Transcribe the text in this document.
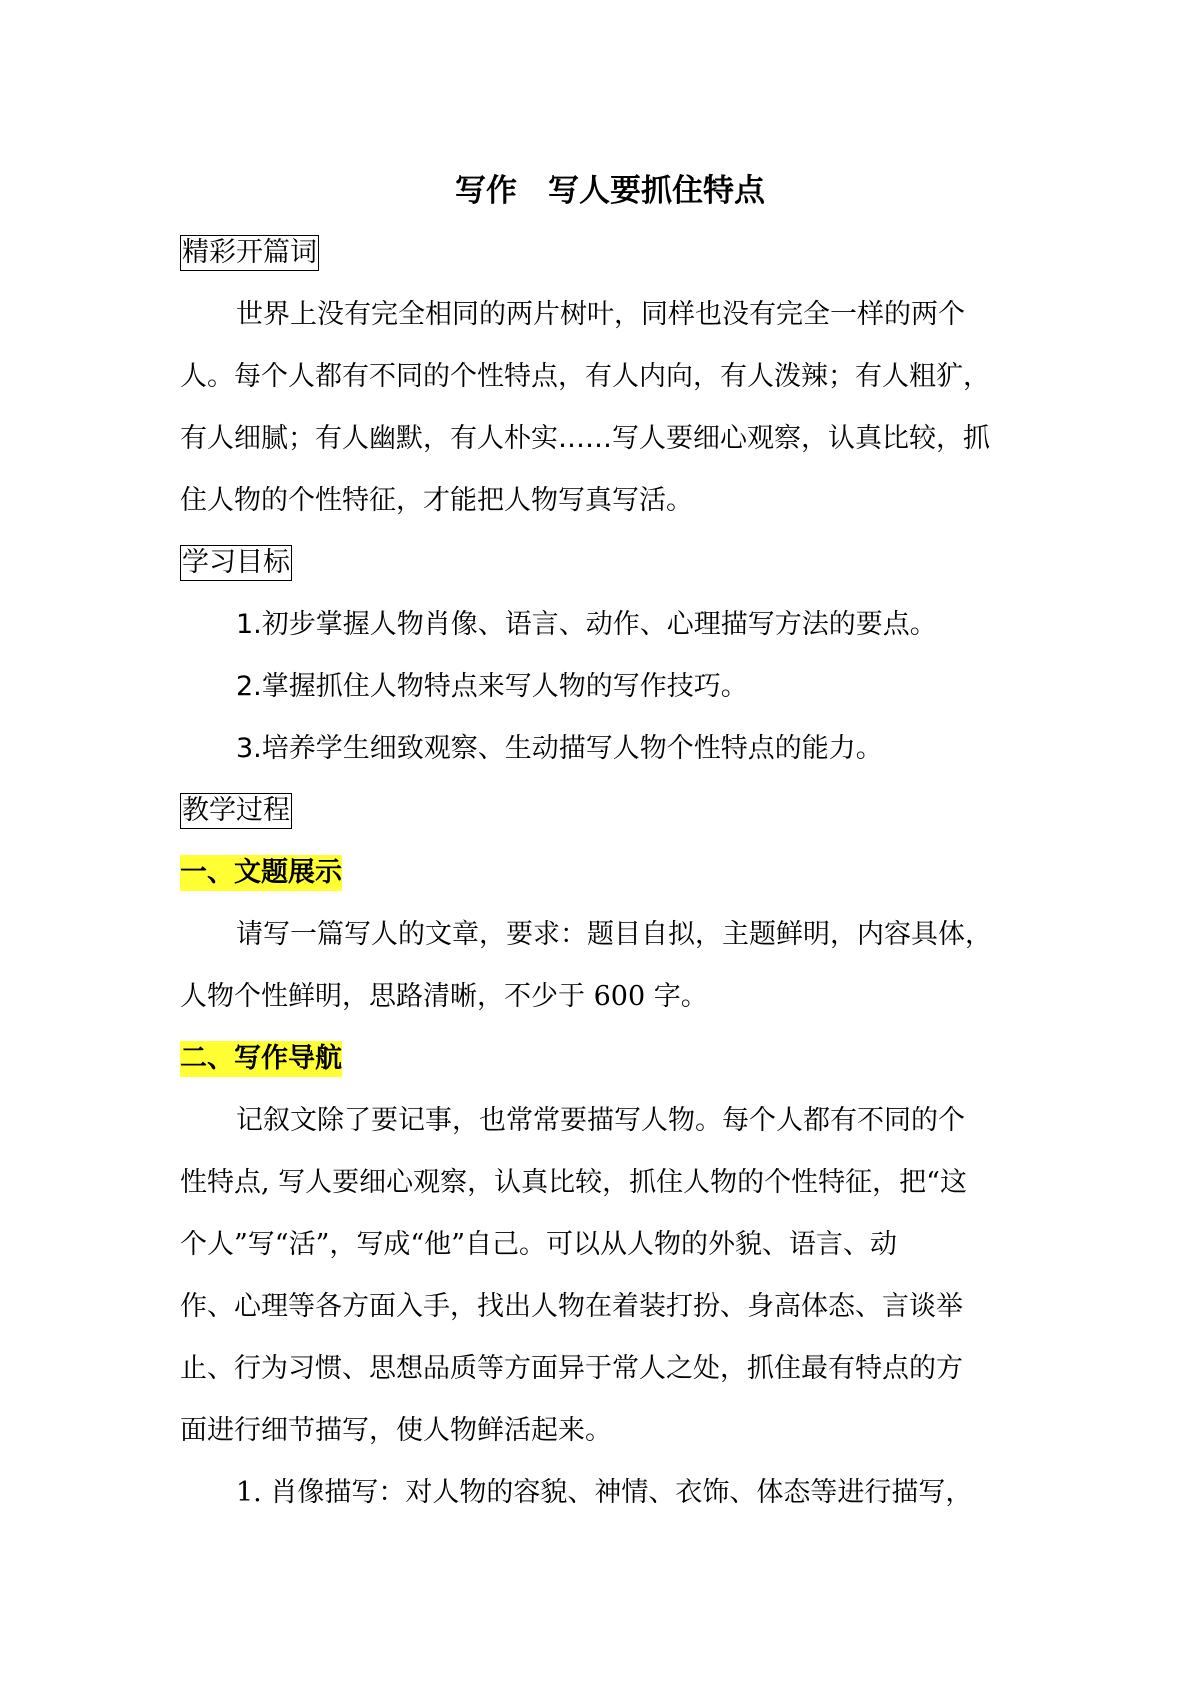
写作　写人要抓住特点
精彩开篇词
世界上没有完全相同的两片树叶，同样也没有完全一样的两个
人。每个人都有不同的个性特点，有人内向，有人泼辣；有人粗犷，
有人细腻；有人幽默，有人朴实……写人要细心观察，认真比较，抓
住人物的个性特征，才能把人物写真写活。
学习目标
1.初步掌握人物肖像、语言、动作、心理描写方法的要点。
2.掌握抓住人物特点来写人物的写作技巧。
3.培养学生细致观察、生动描写人物个性特点的能力。
教学过程
一、文题展示
请写一篇写人的文章，要求：题目自拟，主题鲜明，内容具体，
人物个性鲜明，思路清晰，不少于 600 字。
二、写作导航
记叙文除了要记事，也常常要描写人物。每个人都有不同的个
性特点, 写人要细心观察，认真比较，抓住人物的个性特征，把“这
个人”写“活”，写成“他”自己。可以从人物的外貌、语言、动
作、心理等各方面入手，找出人物在着装打扮、身高体态、言谈举
止、行为习惯、思想品质等方面异于常人之处，抓住最有特点的方
面进行细节描写，使人物鲜活起来。
1. 肖像描写：对人物的容貌、神情、衣饰、体态等进行描写，
